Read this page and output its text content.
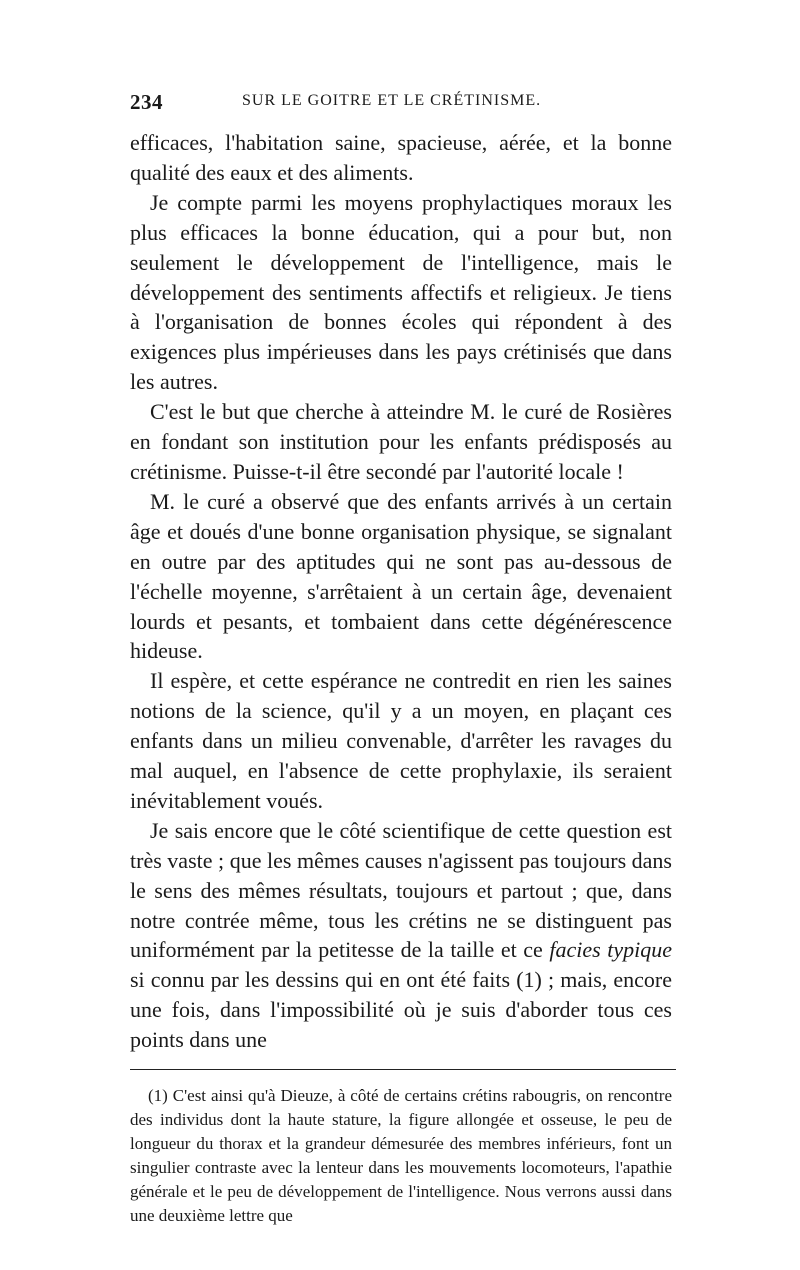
234	SUR LE GOITRE ET LE CRÉTINISME.

efficaces, l'habitation saine, spacieuse, aérée, et la bonne qualité des eaux et des aliments.

Je compte parmi les moyens prophylactiques moraux les plus efficaces la bonne éducation, qui a pour but, non seulement le développement de l'intelligence, mais le développement des sentiments affectifs et religieux. Je tiens à l'organisation de bonnes écoles qui répondent à des exigences plus impérieuses dans les pays crétinisés que dans les autres.

C'est le but que cherche à atteindre M. le curé de Rosières en fondant son institution pour les enfants prédisposés au crétinisme. Puisse-t-il être secondé par l'autorité locale !

M. le curé a observé que des enfants arrivés à un certain âge et doués d'une bonne organisation physique, se signalant en outre par des aptitudes qui ne sont pas au-dessous de l'échelle moyenne, s'arrêtaient à un certain âge, devenaient lourds et pesants, et tombaient dans cette dégénérescence hideuse.

Il espère, et cette espérance ne contredit en rien les saines notions de la science, qu'il y a un moyen, en plaçant ces enfants dans un milieu convenable, d'arrêter les ravages du mal auquel, en l'absence de cette prophylaxie, ils seraient inévitablement voués.

Je sais encore que le côté scientifique de cette question est très vaste ; que les mêmes causes n'agissent pas toujours dans le sens des mêmes résultats, toujours et partout ; que, dans notre contrée même, tous les crétins ne se distinguent pas uniformément par la petitesse de la taille et ce facies typique si connu par les dessins qui en ont été faits (1) ; mais, encore une fois, dans l'impossibilité où je suis d'aborder tous ces points dans une

(1) C'est ainsi qu'à Dieuze, à côté de certains crétins rabougris, on rencontre des individus dont la haute stature, la figure allongée et osseuse, le peu de longueur du thorax et la grandeur démesurée des membres inférieurs, font un singulier contraste avec la lenteur dans les mouvements locomoteurs, l'apathie générale et le peu de développement de l'intelligence. Nous verrons aussi dans une deuxième lettre que
